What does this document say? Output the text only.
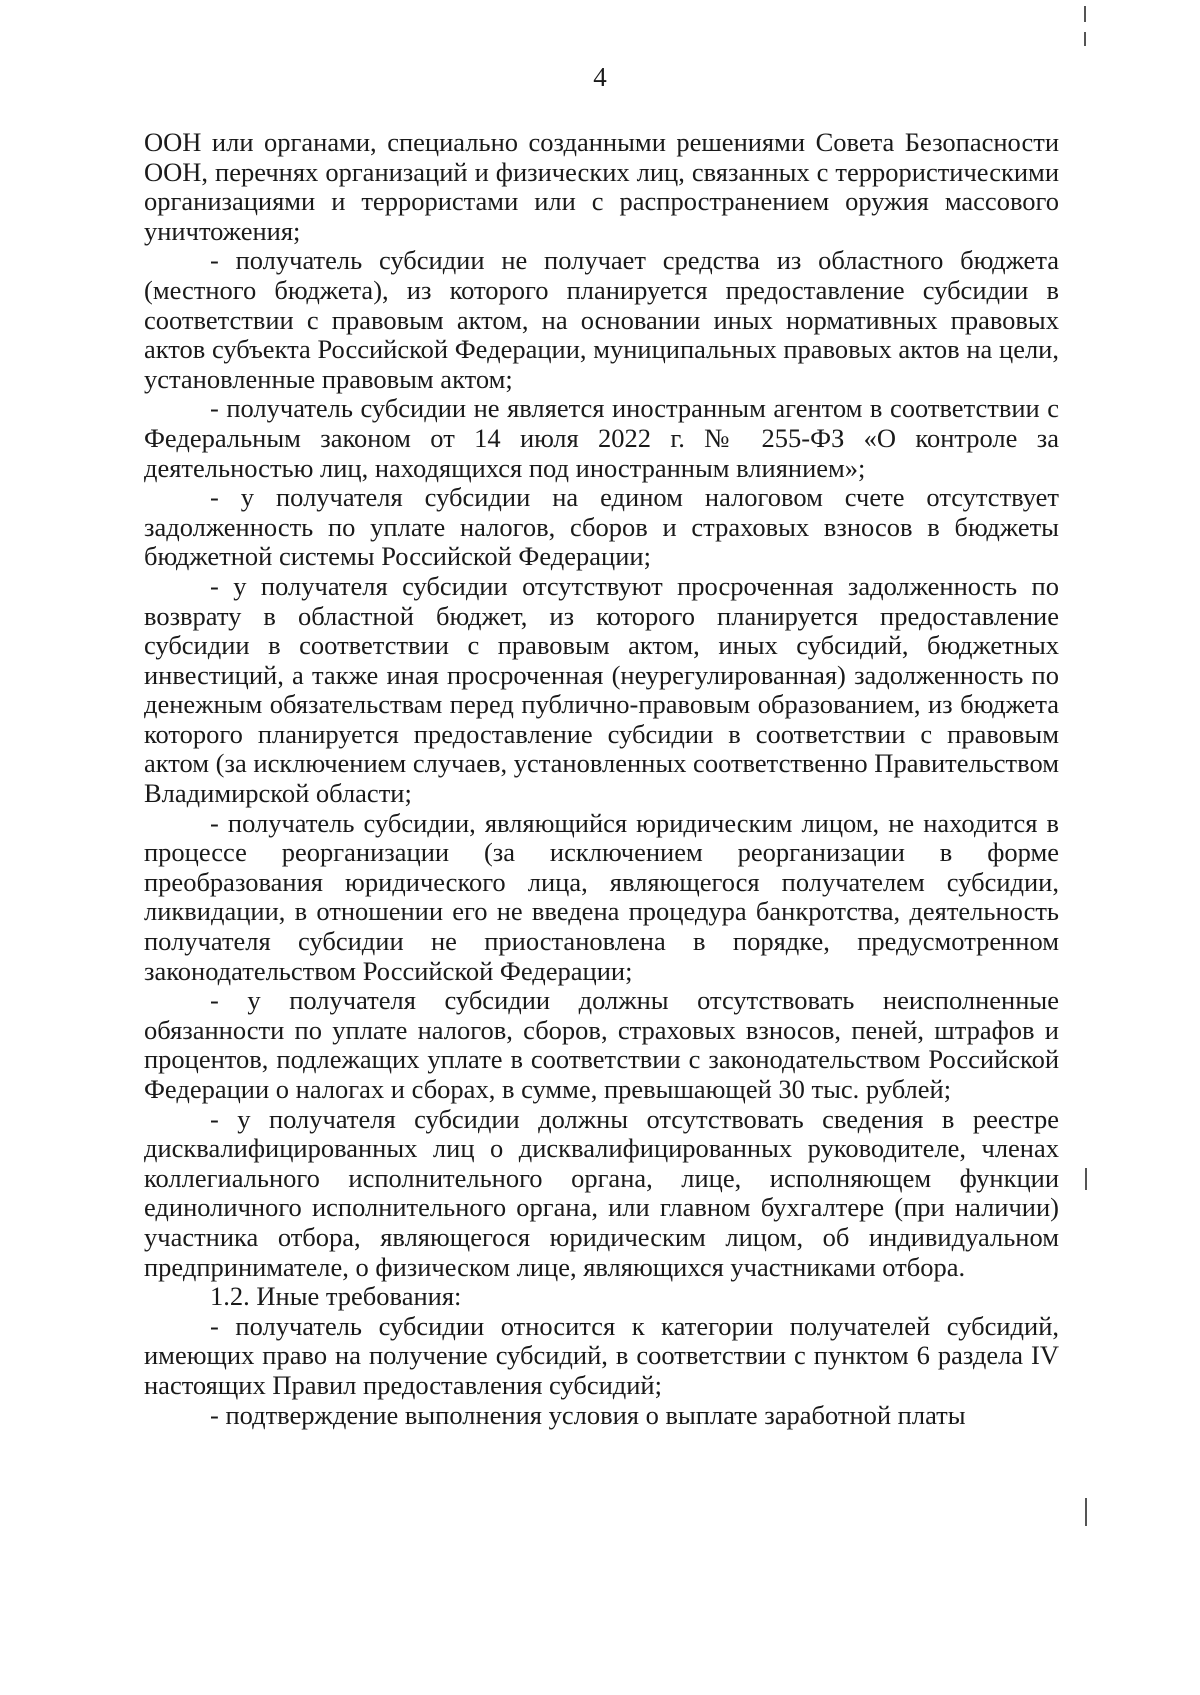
4

ООН или органами, специально созданными решениями Совета Безопасности ООН, перечнях организаций и физических лиц, связанных с террористическими организациями и террористами или с распространением оружия массового уничтожения;

- получатель субсидии не получает средства из областного бюджета (местного бюджета), из которого планируется предоставление субсидии в соответствии с правовым актом, на основании иных нормативных правовых актов субъекта Российской Федерации, муниципальных правовых актов на цели, установленные правовым актом;

- получатель субсидии не является иностранным агентом в соответствии с Федеральным законом от 14 июля 2022 г. № 255-ФЗ «О контроле за деятельностью лиц, находящихся под иностранным влиянием»;

- у получателя субсидии на едином налоговом счете отсутствует задолженность по уплате налогов, сборов и страховых взносов в бюджеты бюджетной системы Российской Федерации;

- у получателя субсидии отсутствуют просроченная задолженность по возврату в областной бюджет, из которого планируется предоставление субсидии в соответствии с правовым актом, иных субсидий, бюджетных инвестиций, а также иная просроченная (неурегулированная) задолженность по денежным обязательствам перед публично-правовым образованием, из бюджета которого планируется предоставление субсидии в соответствии с правовым актом (за исключением случаев, установленных соответственно Правительством Владимирской области;

- получатель субсидии, являющийся юридическим лицом, не находится в процессе реорганизации (за исключением реорганизации в форме преобразования юридического лица, являющегося получателем субсидии, ликвидации, в отношении его не введена процедура банкротства, деятельность получателя субсидии не приостановлена в порядке, предусмотренном законодательством Российской Федерации;

- у получателя субсидии должны отсутствовать неисполненные обязанности по уплате налогов, сборов, страховых взносов, пеней, штрафов и процентов, подлежащих уплате в соответствии с законодательством Российской Федерации о налогах и сборах, в сумме, превышающей 30 тыс. рублей;

- у получателя субсидии должны отсутствовать сведения в реестре дисквалифицированных лиц о дисквалифицированных руководителе, членах коллегиального исполнительного органа, лице, исполняющем функции единоличного исполнительного органа, или главном бухгалтере (при наличии) участника отбора, являющегося юридическим лицом, об индивидуальном предпринимателе, о физическом лице, являющихся участниками отбора.

1.2. Иные требования:

- получатель субсидии относится к категории получателей субсидий, имеющих право на получение субсидий, в соответствии с пунктом 6 раздела IV настоящих Правил предоставления субсидий;

- подтверждение выполнения условия о выплате заработной платы
